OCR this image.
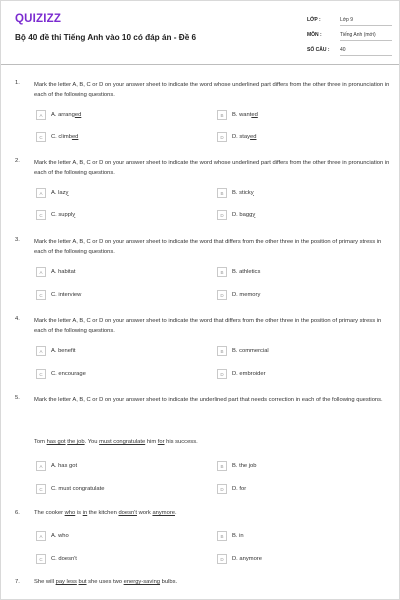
QUIZIZZ
Bộ 40 đề thi Tiếng Anh vào 10 có đáp án - Đề 6
LỚP :	Lớp 9
MÔN :	Tiếng Anh (mới)
SỐ CÂU : 40
1. Mark the letter A, B, C or D on your answer sheet to indicate the word whose underlined part differs from the other three in pronunciation in each of the following questions.
A	A. arranged	B	B. wanted
C	C. climbed	D	D. stayed
2. Mark the letter A, B, C or D on your answer sheet to indicate the word whose underlined part differs from the other three in pronunciation in each of the following questions.
A	A. lazy	B	B. sticky
C	C. supply	D	D. baggy
3. Mark the letter A, B, C or D on your answer sheet to indicate the word that differs from the other three in the position of primary stress in each of the following questions.
A	A. habitat	B	B. athletics
C	C. interview	D	D. memory
4. Mark the letter A, B, C or D on your answer sheet to indicate the word that differs from the other three in the position of primary stress in each of the following questions.
A	A. benefit	B	B. commercial
C	C. encourage	D	D. embroider
5. Mark the letter A, B, C or D on your answer sheet to indicate the underlined part that needs correction in each of the following questions.
Tom has got the job. You must congratulate him for his success.
A	A. has got	B	B. the job
C	C. must congratulate	D	D. for
6. The cooker who is in the kitchen doesn't work anymore.
A	A. who	B	B. in
C	C. doesn't	D	D. anymore
7. She will pay less but she uses two energy-saving bulbs.
